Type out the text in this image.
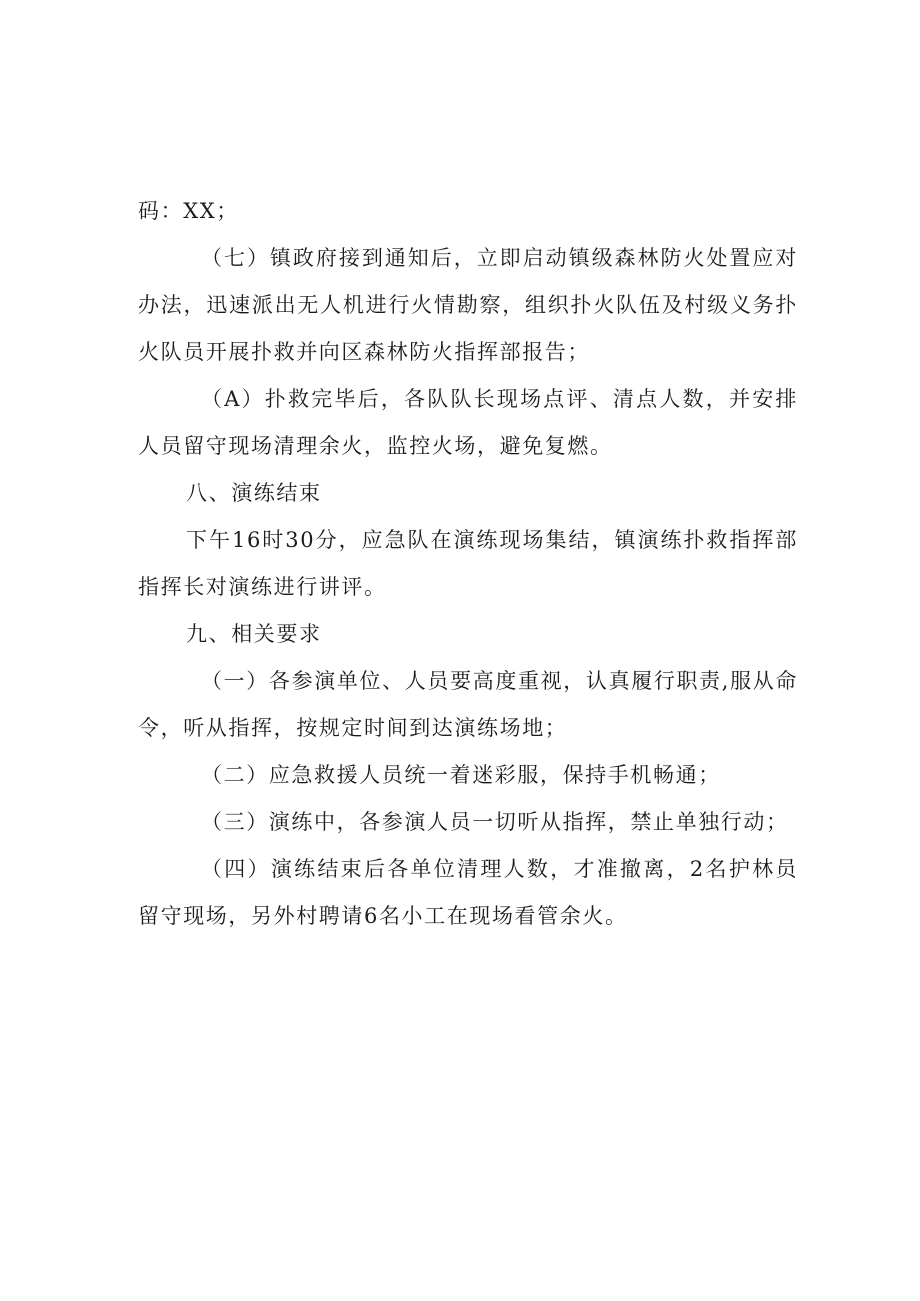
码：XX；

（七）镇政府接到通知后，立即启动镇级森林防火处置应对办法，迅速派出无人机进行火情勘察，组织扑火队伍及村级义务扑火队员开展扑救并向区森林防火指挥部报告；

（A）扑救完毕后，各队队长现场点评、清点人数，并安排人员留守现场清理余火，监控火场，避免复燃。

八、演练结束

下午16时30分，应急队在演练现场集结，镇演练扑救指挥部指挥长对演练进行讲评。

九、相关要求

（一）各参演单位、人员要高度重视，认真履行职责,服从命令，听从指挥，按规定时间到达演练场地；

（二）应急救援人员统一着迷彩服，保持手机畅通；

（三）演练中，各参演人员一切听从指挥，禁止单独行动；

（四）演练结束后各单位清理人数，才准撤离，2名护林员留守现场，另外村聘请6名小工在现场看管余火。
